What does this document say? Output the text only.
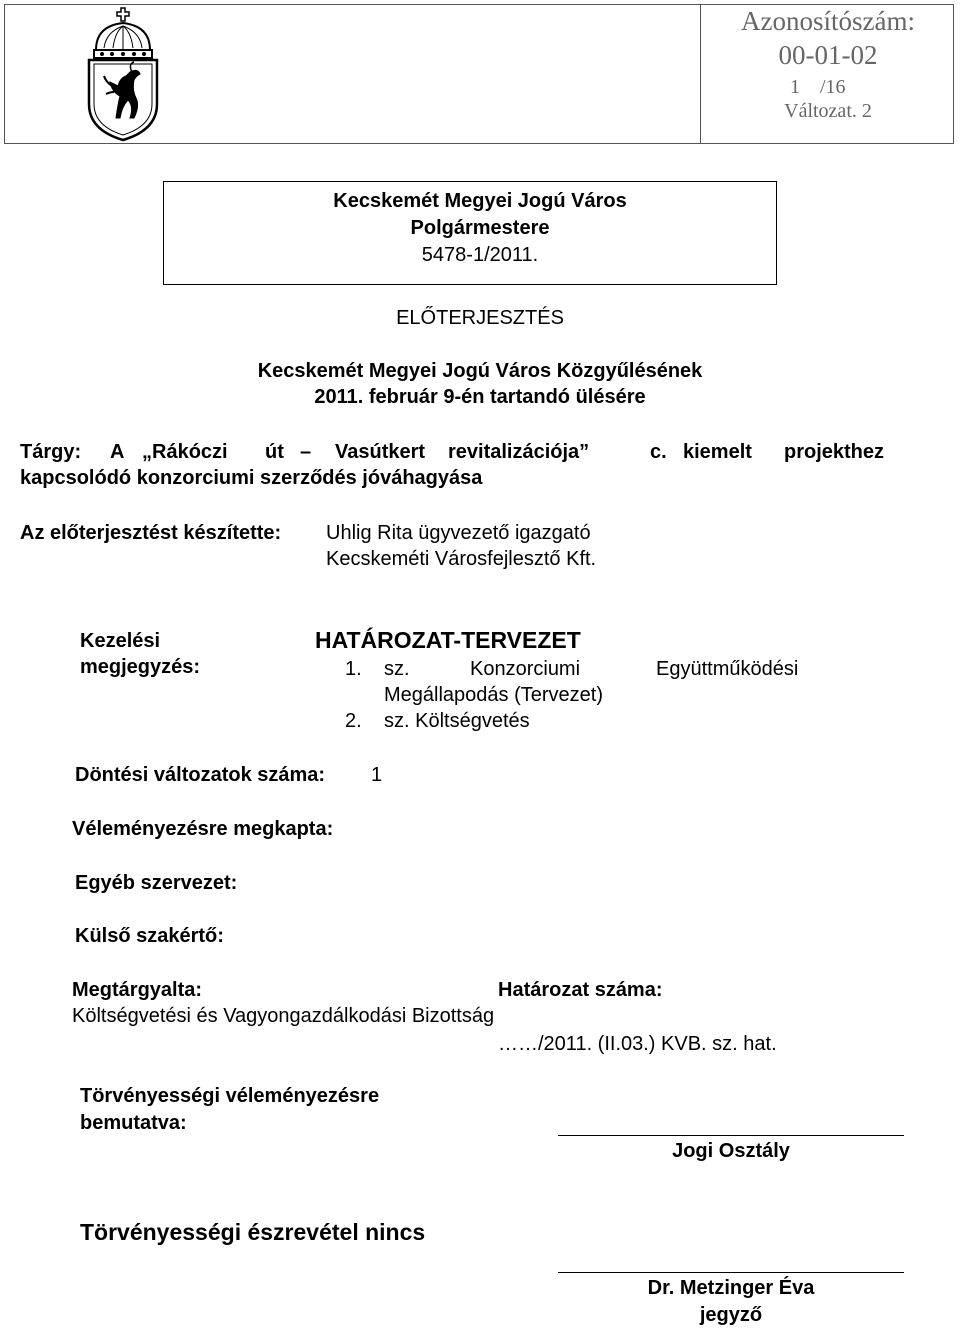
Azonosítószám:
00-01-02
1 /16
Változat. 2
Kecskemét Megyei Jogú Város
Polgármestere
5478-1/2011.
ELŐTERJESZTÉS
Kecskemét Megyei Jogú Város Közgyűlésének
2011. február 9-én tartandó ülésére
Tárgy: A „Rákóczi út – Vasútkert revitalizációja”	c. kiemelt projekthez
kapcsolódó konzorciumi szerződés jóváhagyása
Az előterjesztést készítette: Uhlig Rita ügyvezető igazgató
Kecskeméti Városfejlesztő Kft.
Kezelési
megjegyzés:
HATÁROZAT-TERVEZET
1. sz.	Konzorciumi	Együttműködési
Megállapodás (Tervezet)
2. sz. Költségvetés
Döntési változatok száma: 1
Véleményezésre megkapta:
Egyéb szervezet:
Külső szakértő:
Megtárgyalta:	Határozat száma:
Költségvetési és Vagyongazdálkodási Bizottság
……/2011. (II.03.) KVB. sz. hat.
Törvényességi véleményezésre
bemutatva:
Jogi Osztály
Törvényességi észrevétel nincs
Dr. Metzinger Éva
jegyző
